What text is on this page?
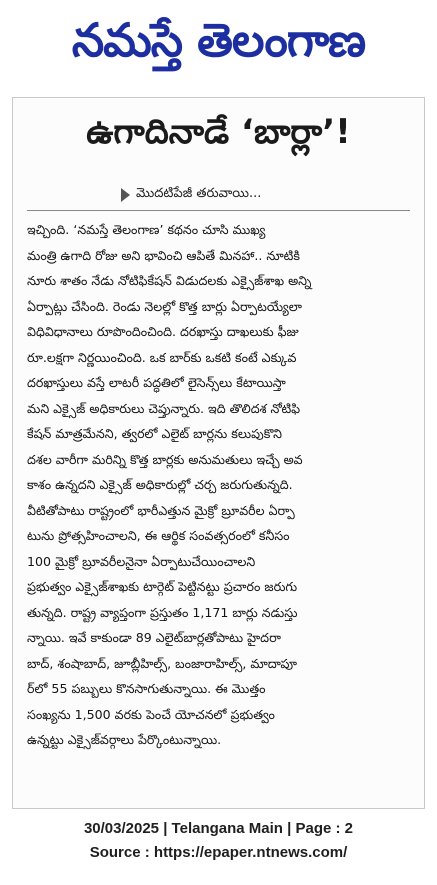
నమస్తే తెలంగాణ
ఉగాదినాడే ‘బార్లా’!
మొదటిపేజీ తరువాయి...
ఇచ్చింది. ‘నమస్తే తెలంగాణ’ కథనం చూసి ముఖ్య
మంత్రి ఉగాది రోజు అని భావించి ఆపితే మినహా.. నూటికి
నూరు శాతం నేడు నోటిఫికేషన్ విడుదలకు ఎక్సైజ్‌శాఖ అన్ని
ఏర్పాట్లు చేసింది. రెండు నెలల్లో కొత్త బార్లు ఏర్పాటయ్యేలా
విధివిధానాలు రూపొందించింది. దరఖాస్తు దాఖలుకు ఫీజు
రూ.లక్షగా నిర్ణయించింది. ఒక బార్‌కు ఒకటి కంటే ఎక్కువ
దరఖాస్తులు వస్తే లాటరీ పద్ధతిలో లైసెన్స్‌లు కేటాయిస్తా
మని ఎక్సైజ్ అధికారులు చెప్తున్నారు. ఇది తొలిదశ నోటిఫి
కేషన్ మాత్రమేనని, త్వరలో ఎలైట్ బార్లను కలుపుకొని
దశల వారీగా మరిన్ని కొత్త బార్లకు అనుమతులు ఇచ్చే అవ
కాశం ఉన్నదని ఎక్సైజ్ అధికారుల్లో చర్చ జరుగుతున్నది.
వీటితోపాటు రాష్ట్రంలో భారీఎత్తున మైక్రో బ్రూవరీల ఏర్పా
టును ప్రోత్సహించాలని, ఈ ఆర్థిక సంవత్సరంలో కనీసం
100 మైక్రో బ్రూవరీలనైనా ఏర్పాటుచేయించాలని
ప్రభుత్వం ఎక్సైజ్‌శాఖకు టార్గెట్ పెట్టినట్టు ప్రచారం జరుగు
తున్నది. రాష్ట్ర వ్యాప్తంగా ప్రస్తుతం 1,171 బార్లు నడుస్తు
న్నాయి. ఇవే కాకుండా 89 ఎలైట్‌బార్లతోపాటు హైదరా
బాద్, శంషాబాద్, జూబ్లీహిల్స్, బంజారాహిల్స్, మాదాపూ
ర్‌లో 55 పబ్బులు కొనసాగుతున్నాయి. ఈ మొత్తం
సంఖ్యను 1,500 వరకు పెంచే యోచనలో ప్రభుత్వం
ఉన్నట్టు ఎక్సైజ్‌వర్గాలు పేర్కొంటున్నాయి.
30/03/2025 | Telangana Main | Page : 2
Source : https://epaper.ntnews.com/
